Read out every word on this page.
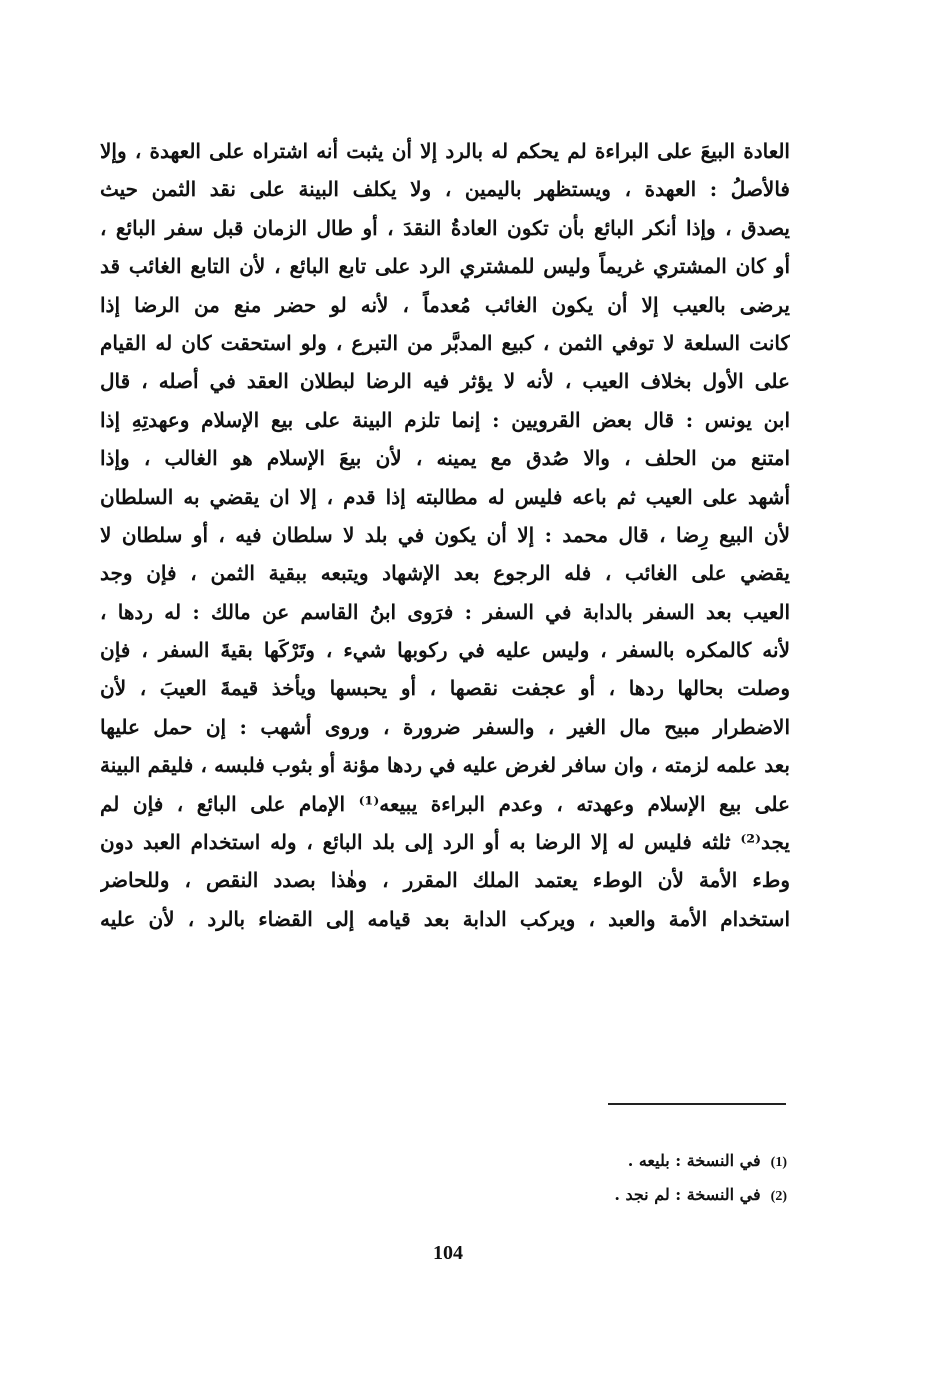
العادة البيعَ على البراءة لم يحكم له بالرد إلا أن يثبت أنه اشتراه على العهدة ، وإلا
فالأصلُ : العهدة ، ويستظهر باليمين ، ولا يكلف البينة على نقد الثمن حيث
يصدق ، وإذا أنكر البائع بأن تكون العادةُ النقدَ ، أو طال الزمان قبل سفر البائع ،
أو كان المشتري غريماً وليس للمشتري الرد على تابع البائع ، لأن التابع الغائب قد
يرضى بالعيب إلا أن يكون الغائب مُعدماً ، لأنه لو حضر منع من الرضا إذا
كانت السلعة لا توفي الثمن ، كبيع المدبَّر من التبرع ، ولو استحقت كان له القيام
على الأول بخلاف العيب ، لأنه لا يؤثر فيه الرضا لبطلان العقد في أصله ، قال
ابن يونس : قال بعض القرويين : إنما تلزم البينة على بيع الإسلام وعهدتِهِ إذا
امتنع من الحلف ، والا صُدق مع يمينه ، لأن بيعَ الإسلام هو الغالب ، وإذا
أشهد على العيب ثم باعه فليس له مطالبته إذا قدم ، إلا ان يقضي به السلطان
لأن البيع رِضا ، قال محمد : إلا أن يكون في بلد لا سلطان فيه ، أو سلطان لا
يقضي على الغائب ، فله الرجوع بعد الإشهاد ويتبعه ببقية الثمن ، فإن وجد
العيب بعد السفر بالدابة في السفر : فرَوى ابنُ القاسم عن مالك : له ردها ،
لأنه كالمكره بالسفر ، وليس عليه في ركوبها شيء ، وتَرْكَها بقيةَ السفر ، فإن
وصلت بحالها ردها ، أو عجفت نقصها ، أو يحبسها ويأخذ قيمةَ العيبَ ، لأن
الاضطرار مبيح مال الغير ، والسفر ضرورة ، وروى أشهب : إن حمل عليها
بعد علمه لزمته ، وان سافر لغرض عليه في ردها مؤنة أو بثوب فلبسه ، فليقم البينة
على بيع الإسلام وعهدته ، وعدم البراءة يبيعه⁽¹⁾ الإمام على البائع ، فإن لم
يجد⁽²⁾ ثلثه فليس له إلا الرضا به أو الرد إلى بلد البائع ، وله استخدام العبد دون
وطء الأمة لأن الوطء يعتمد الملك المقرر ، وهٰذا بصدد النقص ، وللحاضر
استخدام الأمة والعبد ، ويركب الدابة بعد قيامه إلى القضاء بالرد ، لأن عليه
(1)في النسخة : بليعه .
(2)في النسخة : لم نجد .
104
